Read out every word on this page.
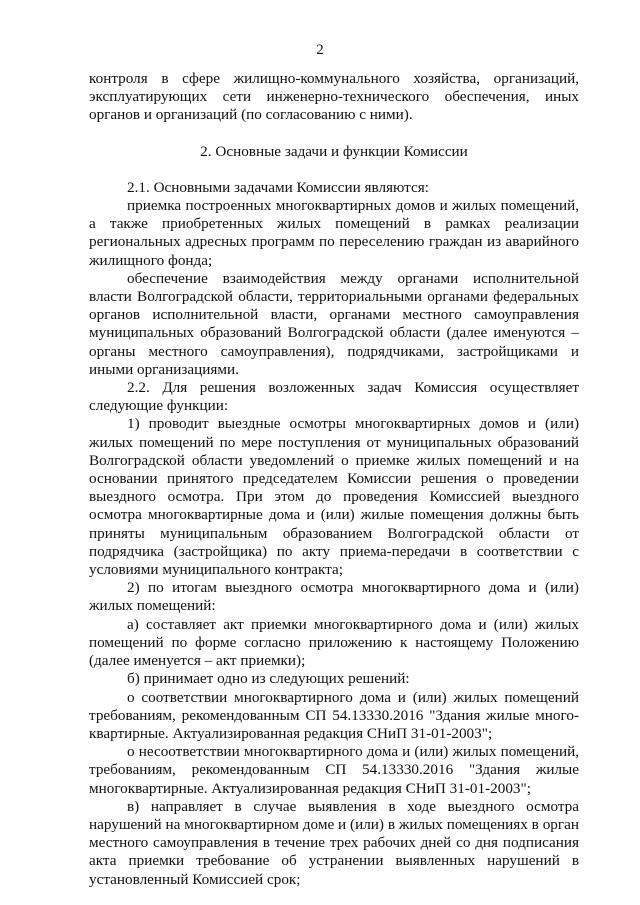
2

контроля в сфере жилищно-коммунального хозяйства, организаций, эксплуатирующих сети инженерно-технического обеспечения, иных органов и организаций (по согласованию с ними).

2. Основные задачи и функции Комиссии

2.1. Основными задачами Комиссии являются:

приемка построенных многоквартирных домов и жилых помещений, а также приобретенных жилых помещений в рамках реализации региональных адресных программ по переселению граждан из аварийного жилищного фонда;

обеспечение взаимодействия между органами исполнительной власти Волгоградской области, территориальными органами федеральных органов исполнительной власти, органами местного самоуправления муниципальных образований Волгоградской области (далее именуются – органы местного самоуправления), подрядчиками, застройщиками и иными организациями.

2.2. Для решения возложенных задач Комиссия осуществляет следующие функции:

1) проводит выездные осмотры многоквартирных домов и (или) жилых помещений по мере поступления от муниципальных образований Волгоградской области уведомлений о приемке жилых помещений и на основании принятого председателем Комиссии решения о проведении выездного осмотра. При этом до проведения Комиссией выездного осмотра многоквартирные дома и (или) жилые помещения должны быть приняты муниципальным образованием Волгоградской области от подрядчика (застройщика) по акту приема-передачи в соответствии с условиями муниципального контракта;

2) по итогам выездного осмотра многоквартирного дома и (или) жилых помещений:

а) составляет акт приемки многоквартирного дома и (или) жилых помещений по форме согласно приложению к настоящему Положению (далее именуется – акт приемки);

б) принимает одно из следующих решений:

о соответствии многоквартирного дома и (или) жилых помещений требованиям, рекомендованным СП 54.13330.2016 "Здания жилые много-квартирные. Актуализированная редакция СНиП 31-01-2003";

о несоответствии многоквартирного дома и (или) жилых помещений, требованиям, рекомендованным СП 54.13330.2016 "Здания жилые многоквартирные. Актуализированная редакция СНиП 31-01-2003";

в) направляет в случае выявления в ходе выездного осмотра нарушений на многоквартирном доме и (или) в жилых помещениях в орган местного самоуправления в течение трех рабочих дней со дня подписания акта приемки требование об устранении выявленных нарушений в установленный Комиссией срок;
